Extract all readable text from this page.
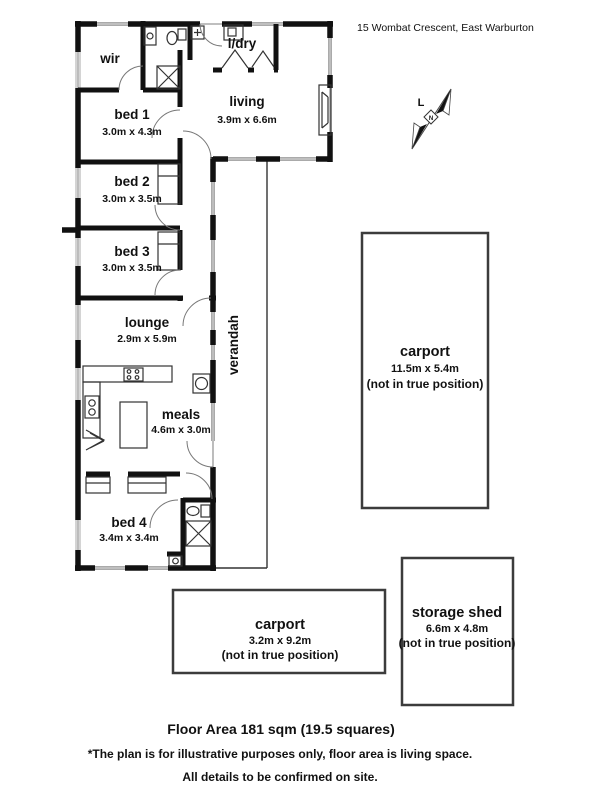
15 Wombat Crescent, East Warburton
N
L
wir
l/dry
bed 1
3.0m x 4.3m
living
3.9m x 6.6m
bed 2
3.0m x 3.5m
bed 3
3.0m x 3.5m
lounge
2.9m x 5.9m
meals
4.6m x 3.0m
bed 4
3.4m x 3.4m
verandah	carport
11.5m x 5.4m
(not in true position)
carport
3.2m x 9.2m
(not in true position)
storage shed
6.6m x 4.8m
(not in true position)
Floor Area 181 sqm (19.5 squares)
*The plan is for illustrative purposes only, floor area is living space.
All details to be confirmed on site.
